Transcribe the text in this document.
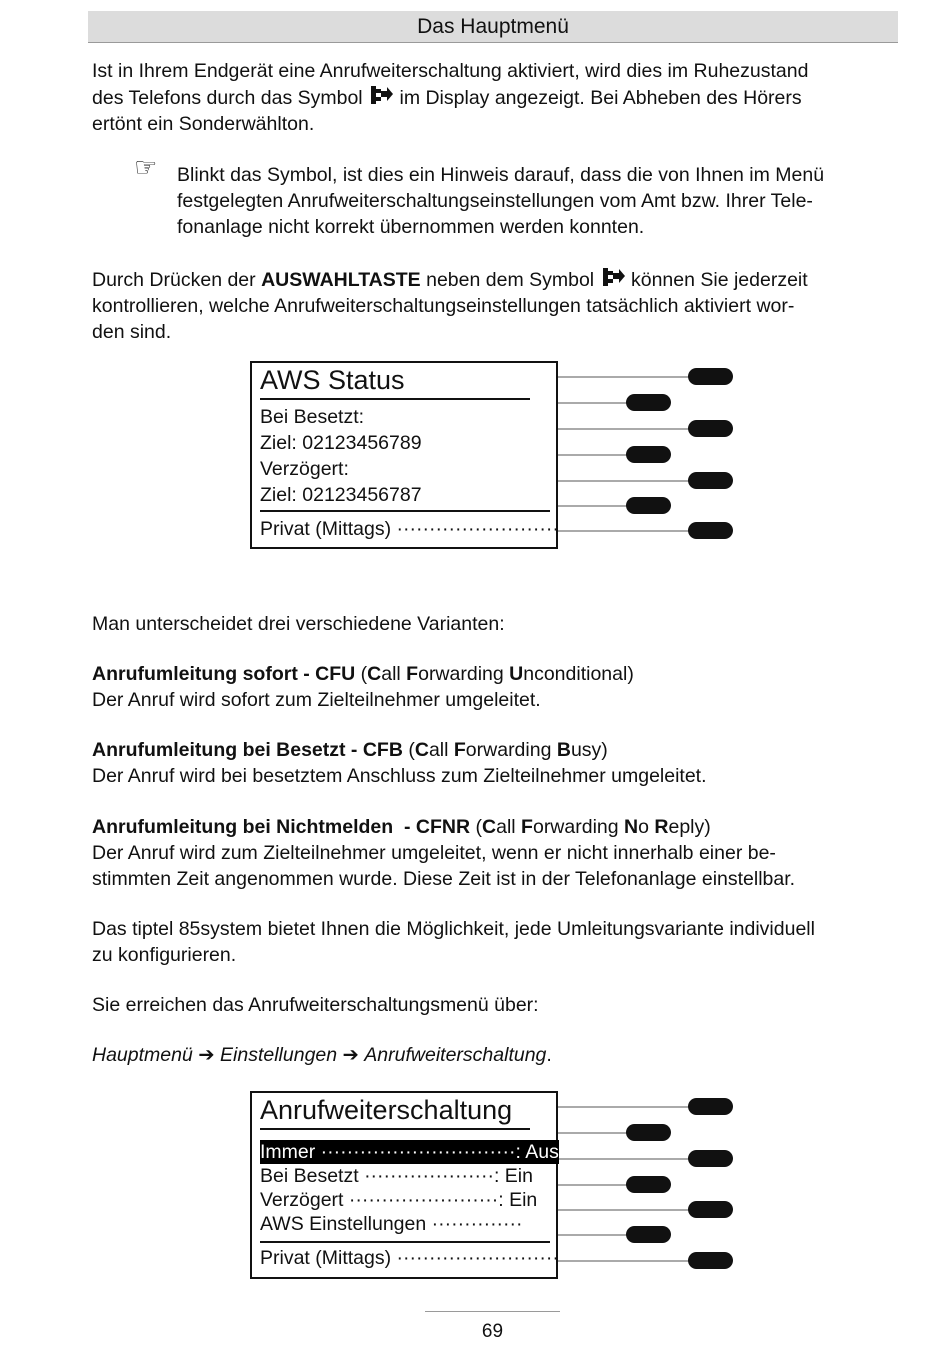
Das Hauptmenü

Ist in Ihrem Endgerät eine Anrufweiterschaltung aktiviert, wird dies im Ruhezustand
des Telefons durch das Symbol im Display angezeigt. Bei Abheben des Hörers
ertönt ein Sonderwählton.

☞ Blinkt das Symbol, ist dies ein Hinweis darauf, dass die von Ihnen im Menü
festgelegten Anrufweiterschaltungseinstellungen vom Amt bzw. Ihrer Tele-
fonanlage nicht korrekt übernommen werden konnten.

Durch Drücken der AUSWAHLTASTE neben dem Symbol können Sie jederzeit
kontrollieren, welche Anrufweiterschaltungseinstellungen tatsächlich aktiviert wor-
den sind.

AWS Status
Bei Besetzt:
Ziel: 02123456789
Verzögert:
Ziel: 02123456787
Privat (Mittags) ·························

Man unterscheidet drei verschiedene Varianten:

Anrufumleitung sofort - CFU (Call Forwarding Unconditional)
Der Anruf wird sofort zum Zielteilnehmer umgeleitet.

Anrufumleitung bei Besetzt - CFB (Call Forwarding Busy)
Der Anruf wird bei besetztem Anschluss zum Zielteilnehmer umgeleitet.

Anrufumleitung bei Nichtmelden  - CFNR (Call Forwarding No Reply)
Der Anruf wird zum Zielteilnehmer umgeleitet, wenn er nicht innerhalb einer be-
stimmten Zeit angenommen wurde. Diese Zeit ist in der Telefonanlage einstellbar.

Das tiptel 85system bietet Ihnen die Möglichkeit, jede Umleitungsvariante individuell
zu konfigurieren.

Sie erreichen das Anrufweiterschaltungsmenü über:

Hauptmenü ➔ Einstellungen ➔ Anrufweiterschaltung.

Anrufweiterschaltung
Immer ······························: Aus
Bei Besetzt ····················: Ein
Verzögert ·······················: Ein
AWS Einstellungen ··············
Privat (Mittags) ·························
69
